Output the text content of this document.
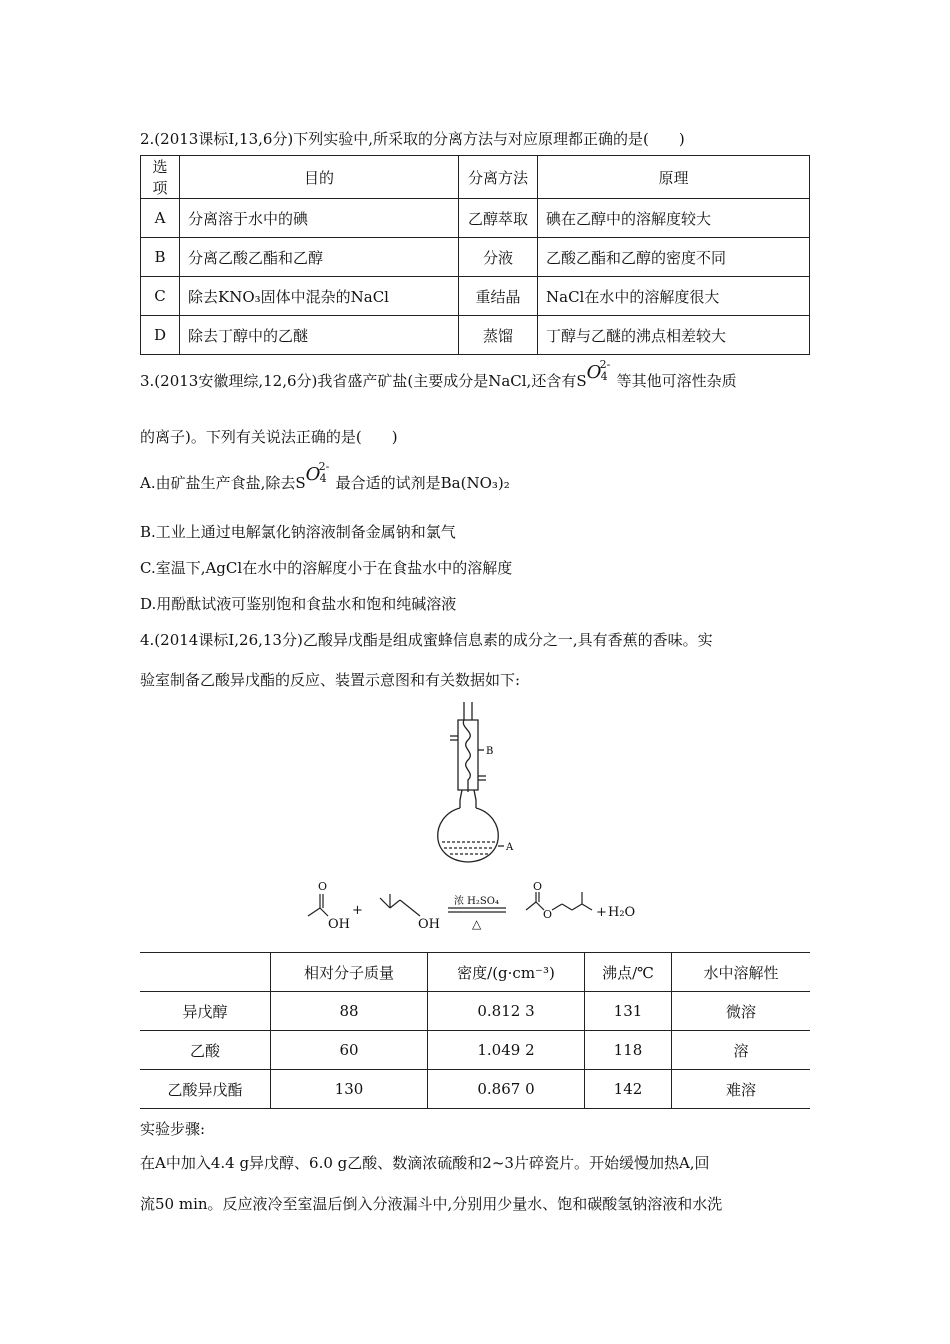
2.(2013课标Ⅰ,13,6分)下列实验中,所采取的分离方法与对应原理都正确的是(　　)
选项	目的	分离方法	原理
A	分离溶于水中的碘	乙醇萃取	碘在乙醇中的溶解度较大
B	分离乙酸乙酯和乙醇	分液	乙酸乙酯和乙醇的密度不同
C	除去KNO₃固体中混杂的NaCl	重结晶	NaCl在水中的溶解度很大
D	除去丁醇中的乙醚	蒸馏	丁醇与乙醚的沸点相差较大
3.(2013安徽理综,12,6分)我省盛产矿盐(主要成分是NaCl,还含有S O
2-
4 等其他可溶性杂质
的离子)。下列有关说法正确的是(　　)
A.由矿盐生产食盐,除去S O
2-
4 最合适的试剂是Ba(NO₃)₂
B.工业上通过电解氯化钠溶液制备金属钠和氯气
C.室温下,AgCl在水中的溶解度小于在食盐水中的溶解度
D.用酚酞试液可鉴别饱和食盐水和饱和纯碱溶液
4.(2014课标Ⅰ,26,13分)乙酸异戊酯是组成蜜蜂信息素的成分之一,具有香蕉的香味。实
验室制备乙酸异戊酯的反应、装置示意图和有关数据如下:
B
A
O
OH
+
OH
浓 H₂SO₄
△
O
O	+ H₂O
	相对分子质量	密度/(g·cm⁻³)	沸点/℃	水中溶解性
异戊醇	88	0.812 3	131	微溶
乙酸	60	1.049 2	118	溶
乙酸异戊酯	130	0.867 0	142	难溶
实验步骤:
在A中加入4.4 g异戊醇、6.0 g乙酸、数滴浓硫酸和2~3片碎瓷片。开始缓慢加热A,回
流50 min。反应液冷至室温后倒入分液漏斗中,分别用少量水、饱和碳酸氢钠溶液和水洗
